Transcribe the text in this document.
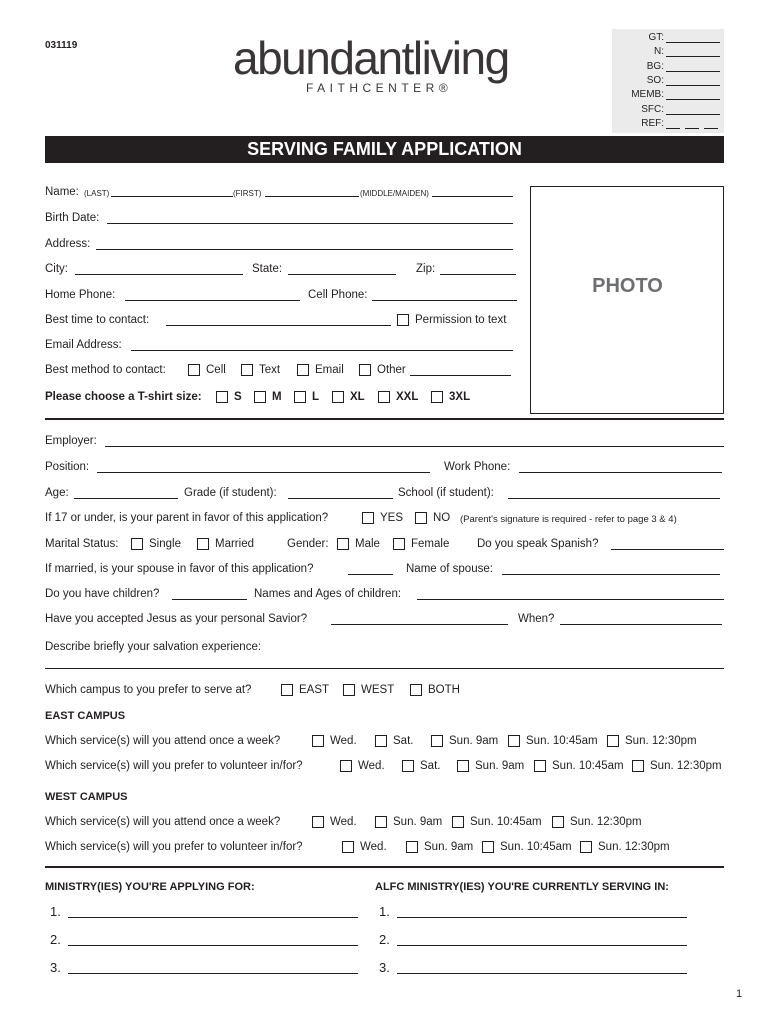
031119	abundantliving
FAITHCENTER®
GT:
N:
BG:
SO:
MEMB:
SFC:
REF:
SERVING FAMILY APPLICATION
PHOTO
Name: (LAST)	(FIRST)	(MIDDLE/MAIDEN)
Birth Date:
Address:
City:	State:	Zip:
Home Phone:	Cell Phone:
Best time to contact:	Permission to text
Email Address:
Best method to contact:	Cell	Text	Email	Other
Please choose a T-shirt size:	S	M	L	XL	XXL	3XL
Employer:
Position:	Work Phone:
Age:	Grade (if student):	School (if student):
If 17 or under, is your parent in favor of this application?	YES	NO (Parent's signature is required - refer to page 3 & 4)
Marital Status:	Single	Married	Gender: Male	Female Do you speak Spanish?
If married, is your spouse in favor of this application?	Name of spouse:
Do you have children?	Names and Ages of children:
Have you accepted Jesus as your personal Savior?	When?
Describe briefly your salvation experience:
Which campus to you prefer to serve at?	EAST	WEST	BOTH
EAST CAMPUS
Which service(s) will you attend once a week?	Wed.	Sat.	Sun. 9am Sun. 10:45am Sun. 12:30pm
Which service(s) will you prefer to volunteer in/for?	Wed.	Sat.	Sun. 9am Sun. 10:45am Sun. 12:30pm
WEST CAMPUS
Which service(s) will you attend once a week?	Wed.	Sun. 9am Sun. 10:45am Sun. 12:30pm
Which service(s) will you prefer to volunteer in/for?	Wed.	Sun. 9am Sun. 10:45am Sun. 12:30pm
MINISTRY(IES) YOU'RE APPLYING FOR:	ALFC MINISTRY(IES) YOU'RE CURRENTLY SERVING IN:
1.	1.
2.	2.
3.	3.
1
